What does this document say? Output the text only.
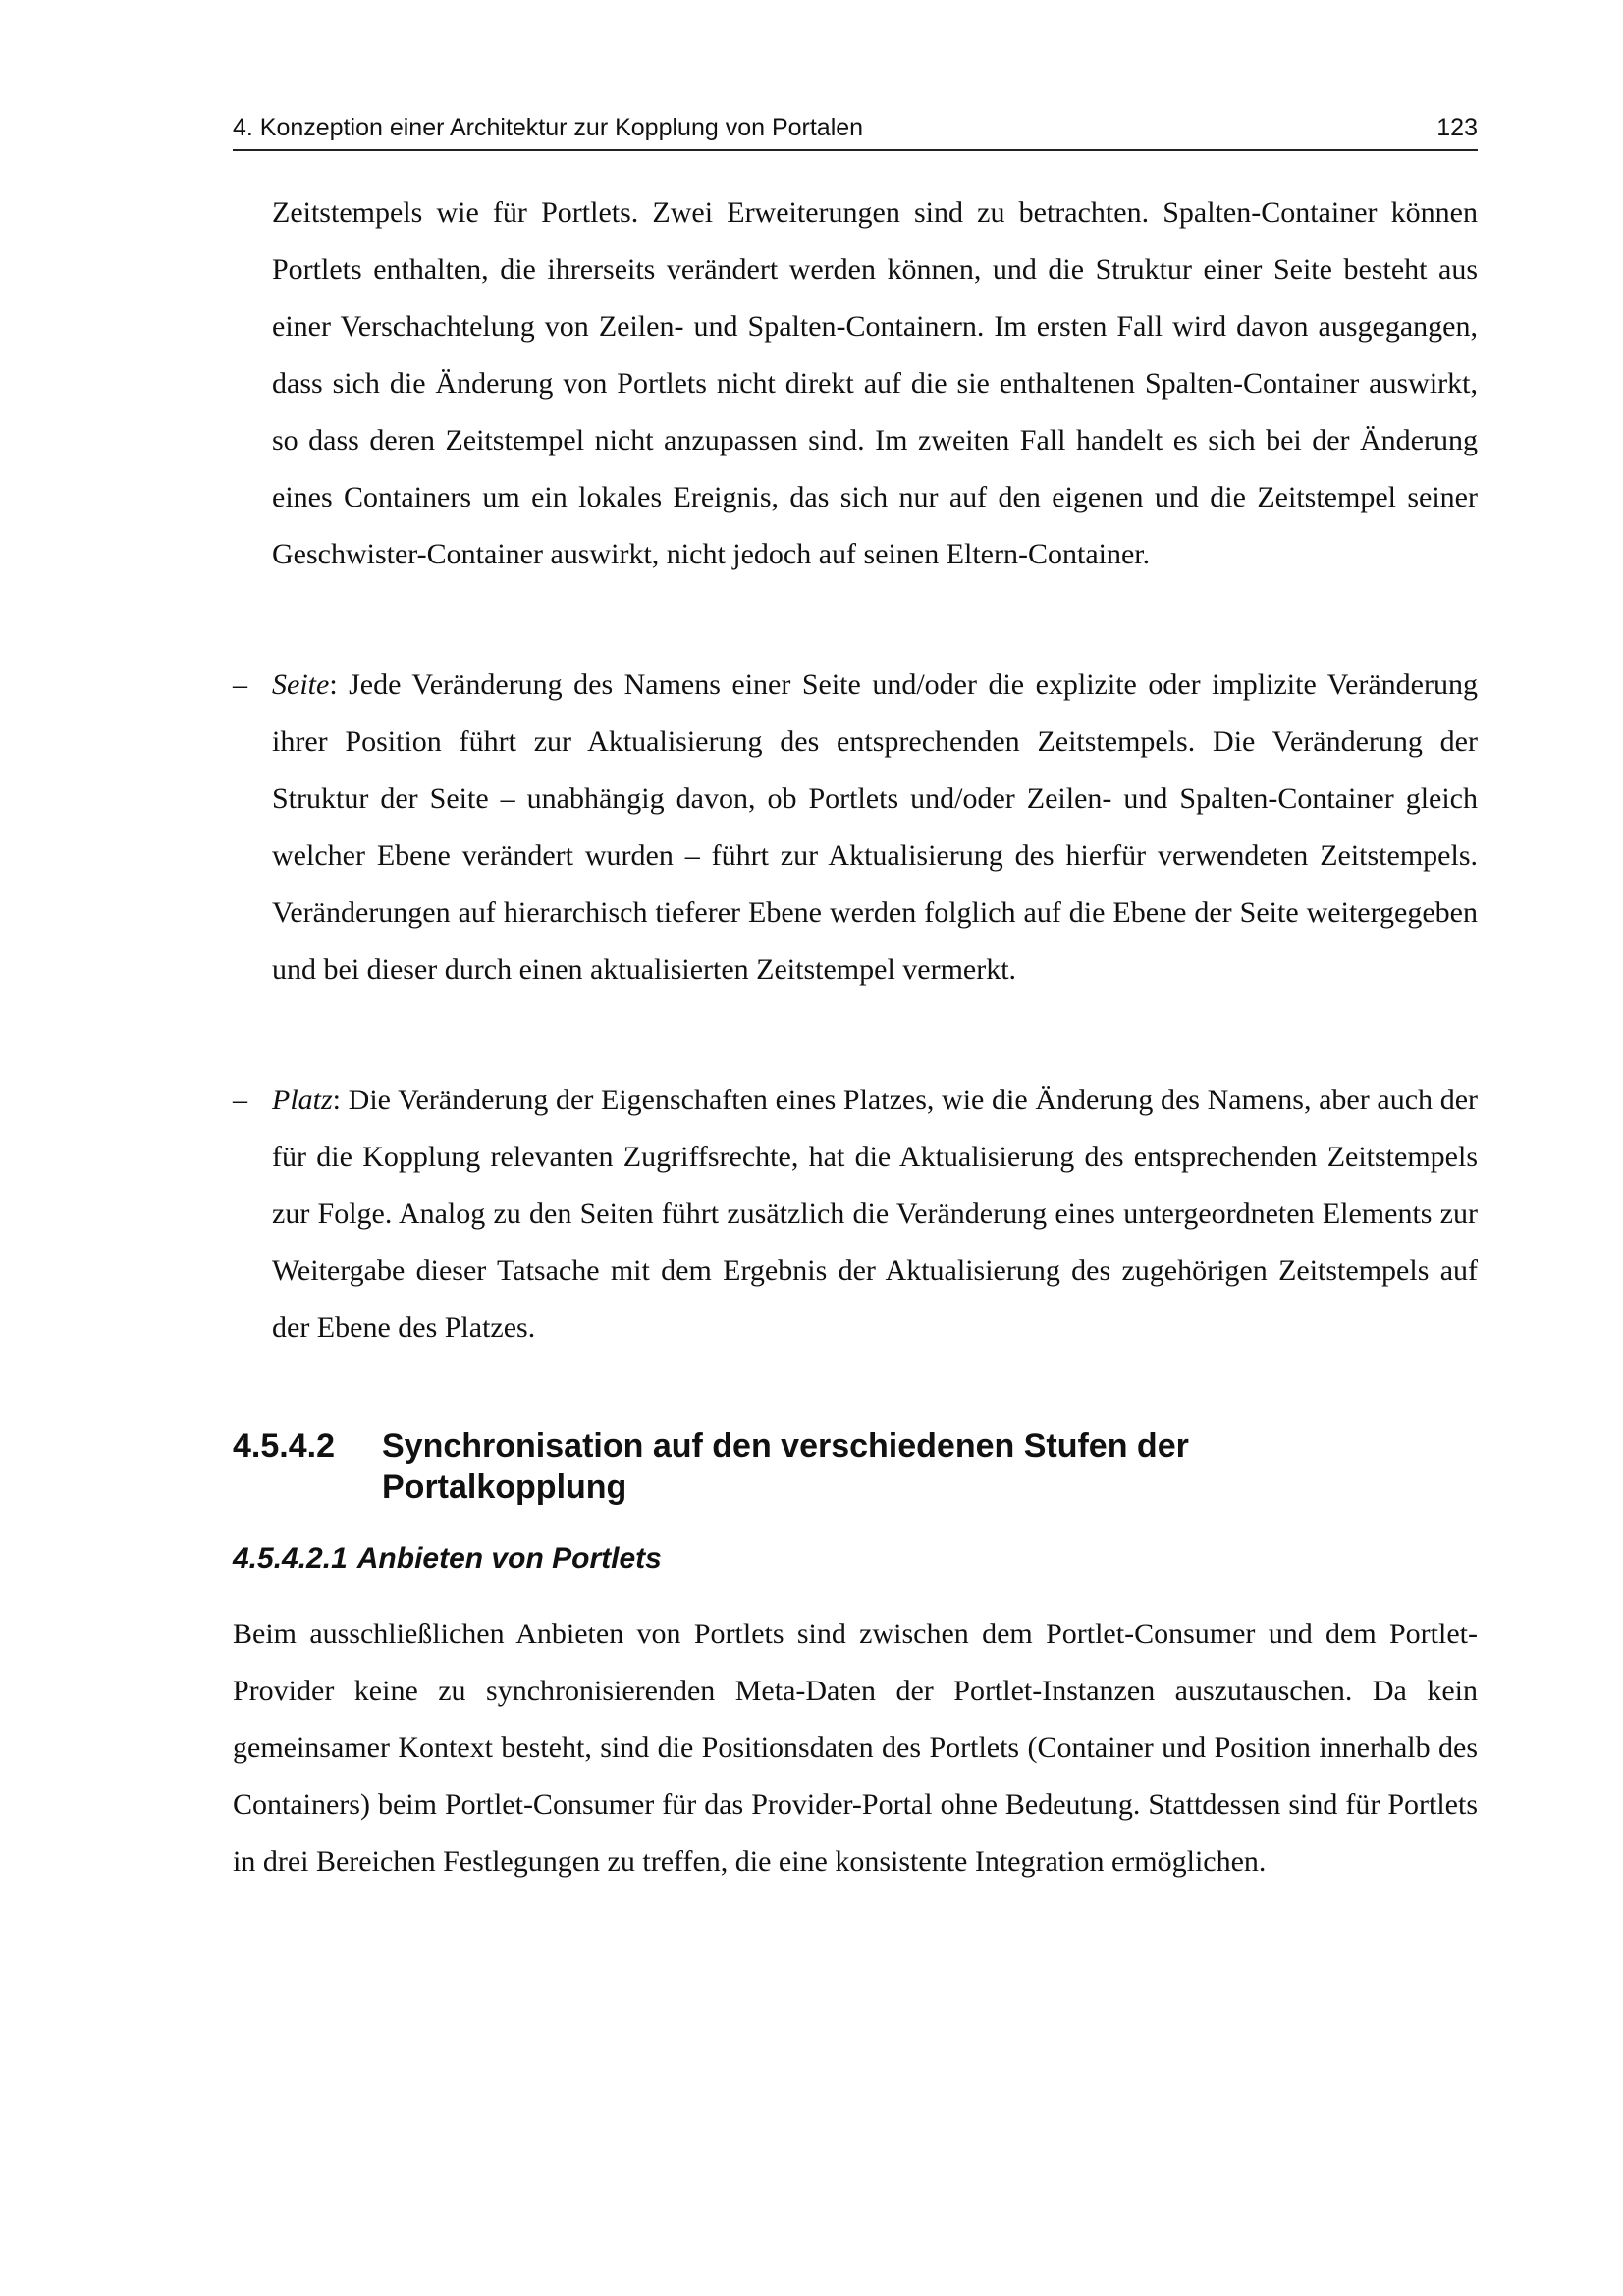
4. Konzeption einer Architektur zur Kopplung von Portalen	123

Zeitstempels wie für Portlets. Zwei Erweiterungen sind zu betrachten. Spalten-Container können Portlets enthalten, die ihrerseits verändert werden können, und die Struktur einer Seite besteht aus einer Verschachtelung von Zeilen- und Spalten-Containern. Im ersten Fall wird davon ausgegangen, dass sich die Änderung von Portlets nicht direkt auf die sie enthaltenen Spalten-Container auswirkt, so dass deren Zeitstempel nicht anzupassen sind. Im zweiten Fall handelt es sich bei der Änderung eines Containers um ein lokales Ereignis, das sich nur auf den eigenen und die Zeitstempel seiner Geschwister-Container auswirkt, nicht jedoch auf seinen Eltern-Container.

– Seite: Jede Veränderung des Namens einer Seite und/oder die explizite oder implizite Veränderung ihrer Position führt zur Aktualisierung des entsprechenden Zeitstempels. Die Veränderung der Struktur der Seite – unabhängig davon, ob Portlets und/oder Zeilen- und Spalten-Container gleich welcher Ebene verändert wurden – führt zur Aktualisierung des hierfür verwendeten Zeitstempels. Veränderungen auf hierarchisch tieferer Ebene werden folglich auf die Ebene der Seite weitergegeben und bei dieser durch einen aktualisierten Zeitstempel vermerkt.

– Platz: Die Veränderung der Eigenschaften eines Platzes, wie die Änderung des Namens, aber auch der für die Kopplung relevanten Zugriffsrechte, hat die Aktualisierung des entsprechenden Zeitstempels zur Folge. Analog zu den Seiten führt zusätzlich die Veränderung eines untergeordneten Elements zur Weitergabe dieser Tatsache mit dem Ergebnis der Aktualisierung des zugehörigen Zeitstempels auf der Ebene des Platzes.

4.5.4.2 Synchronisation auf den verschiedenen Stufen der Portalkopplung
4.5.4.2.1 Anbieten von Portlets

Beim ausschließlichen Anbieten von Portlets sind zwischen dem Portlet-Consumer und dem Portlet-Provider keine zu synchronisierenden Meta-Daten der Portlet-Instanzen auszutauschen. Da kein gemeinsamer Kontext besteht, sind die Positionsdaten des Portlets (Container und Position innerhalb des Containers) beim Portlet-Consumer für das Provider-Portal ohne Bedeutung. Stattdessen sind für Portlets in drei Bereichen Festlegungen zu treffen, die eine konsistente Integration ermöglichen.
